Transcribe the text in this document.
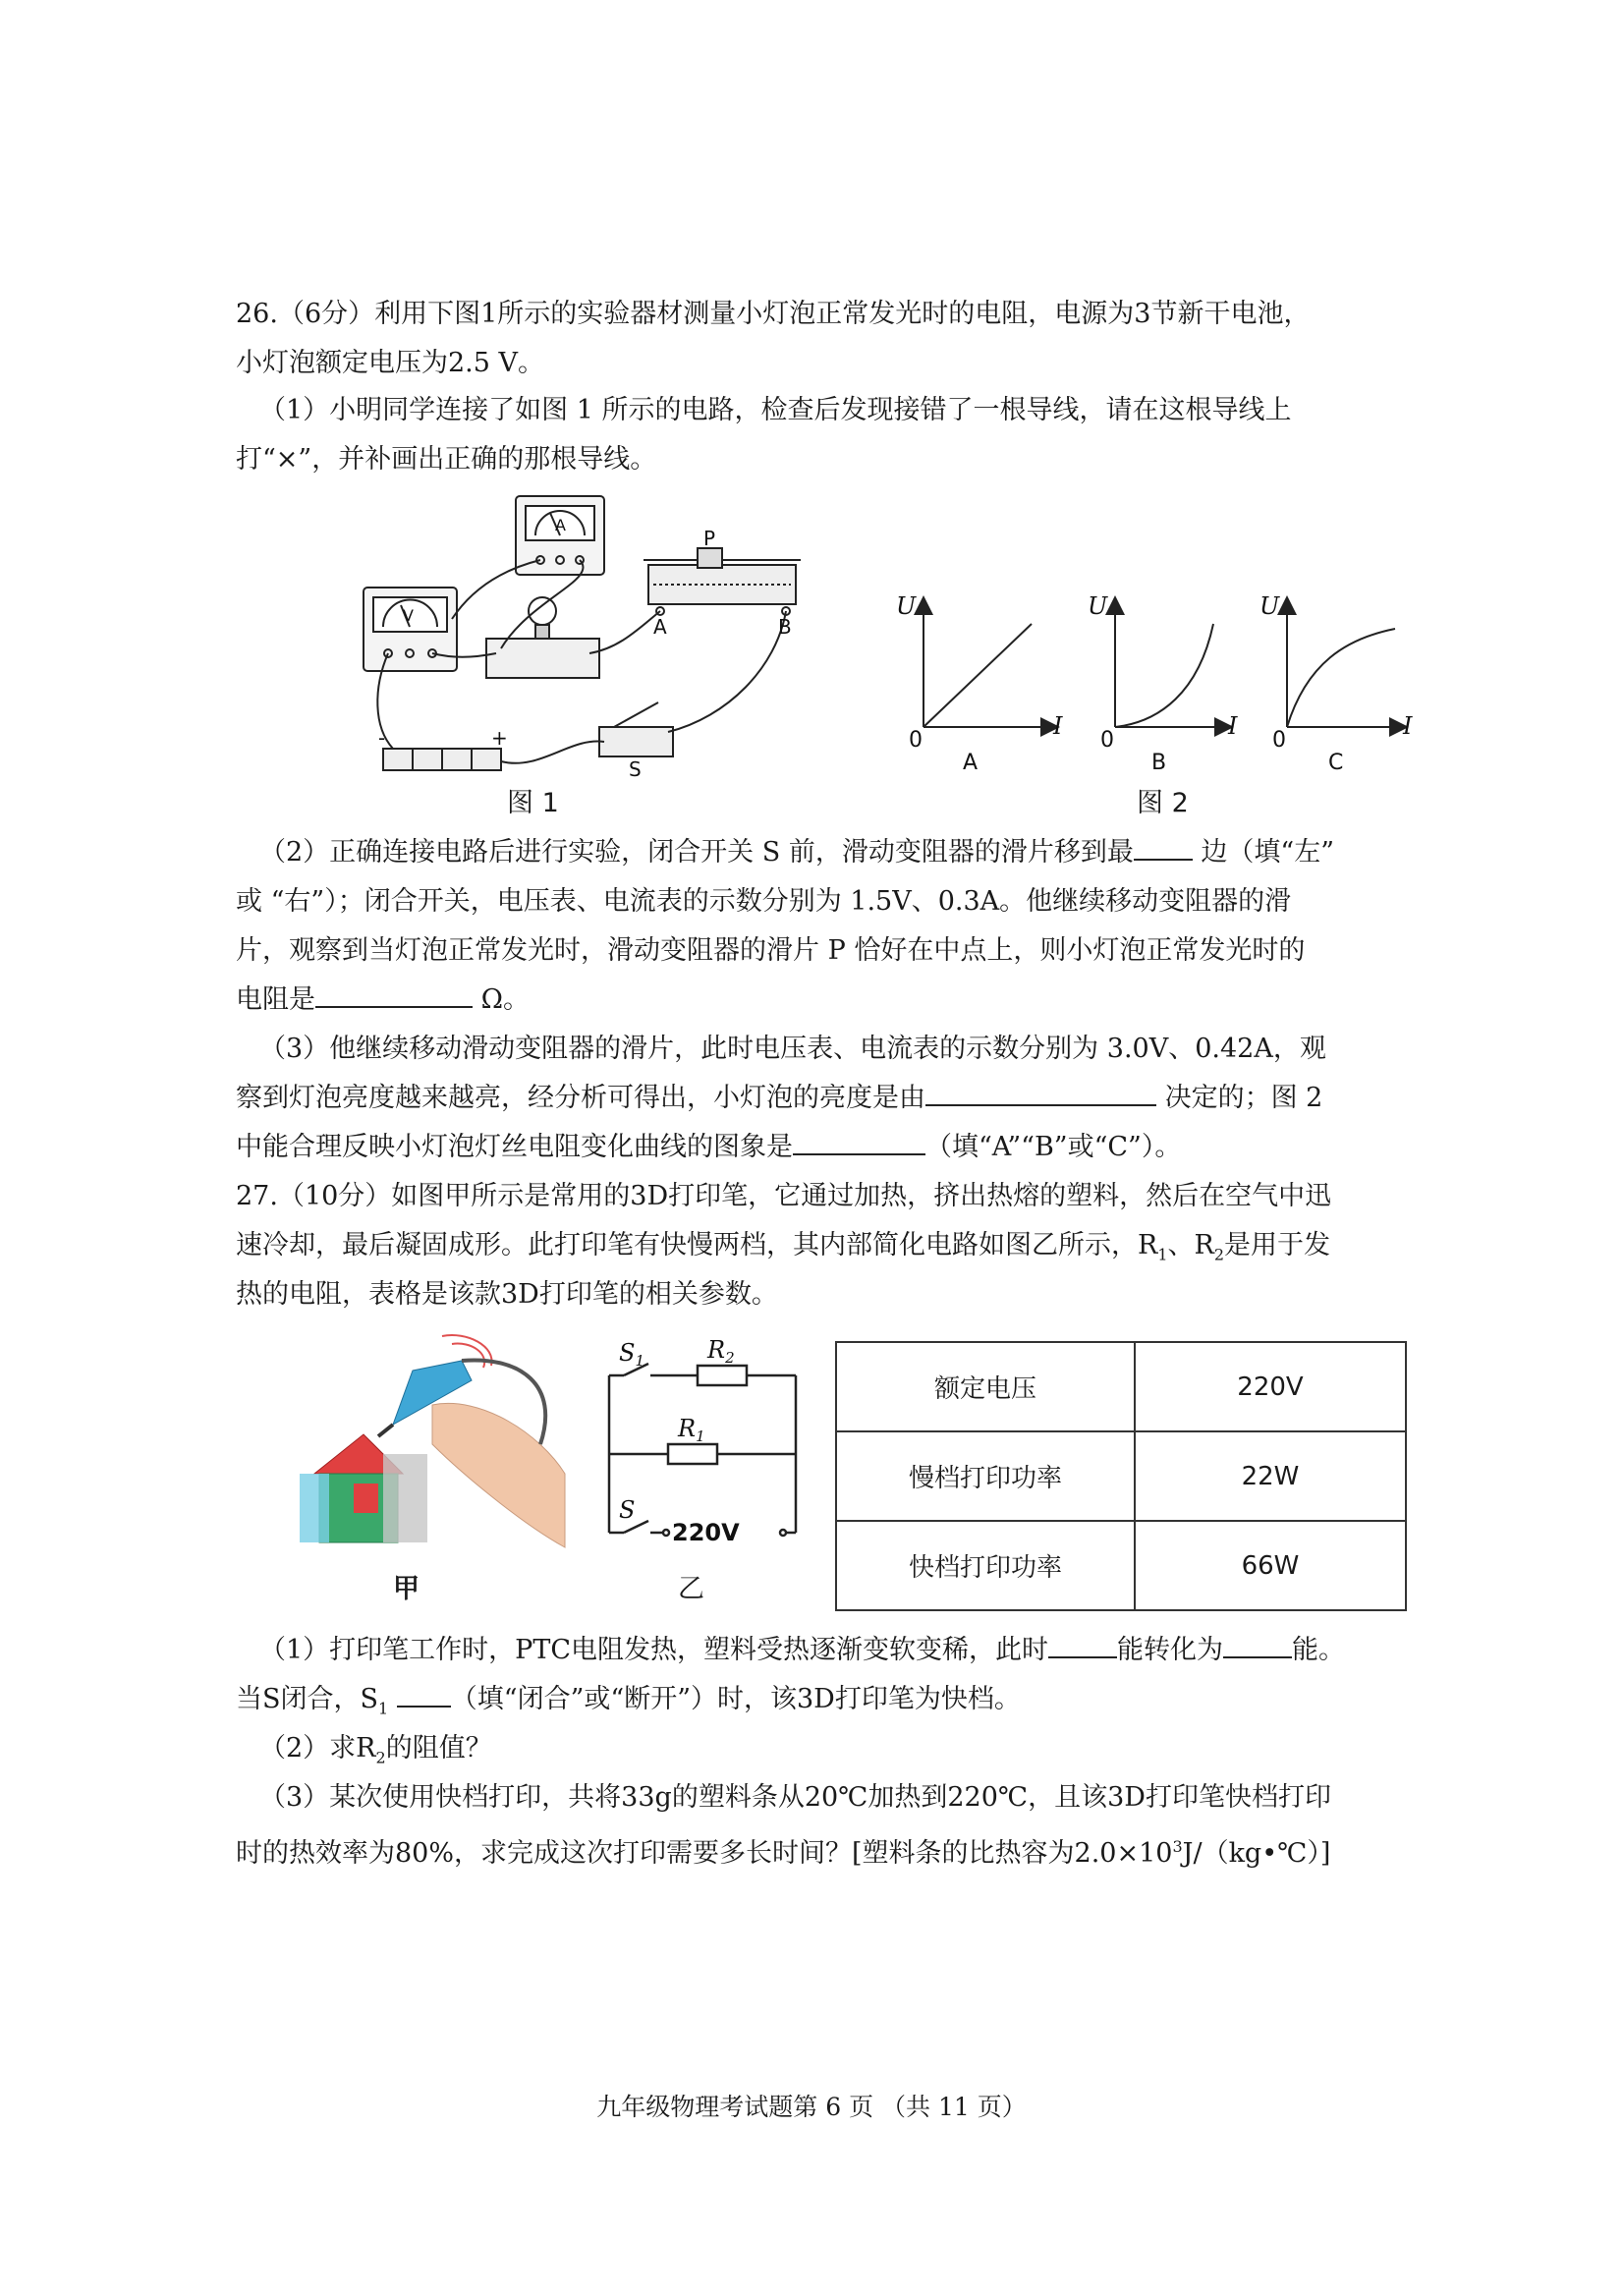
26.（6分）利用下图1所示的实验器材测量小灯泡正常发光时的电阻，电源为3节新干电池，
小灯泡额定电压为2.5 V。
（1）小明同学连接了如图 1 所示的电路，检查后发现接错了一根导线，请在这根导线上
打“×”，并补画出正确的那根导线。
P
A	B
S
V
A
-	+
图 1
U
I
U
I
U
I
0	0	0
A	B	C
图 2
（2）正确连接电路后进行实验，闭合开关 S 前，滑动变阻器的滑片移到最 边（填“左”
或 “右”）；闭合开关，电压表、电流表的示数分别为 1.5V、0.3A。他继续移动变阻器的滑
片，观察到当灯泡正常发光时，滑动变阻器的滑片 P 恰好在中点上，则小灯泡正常发光时的
电阻是	Ω。
（3）他继续移动滑动变阻器的滑片，此时电压表、电流表的示数分别为 3.0V、0.42A，观
察到灯泡亮度越来越亮，经分析可得出，小灯泡的亮度是由	决定的；图 2
中能合理反映小灯泡灯丝电阻变化曲线的图象是	（填“A”“B”或“C”）。
27.（10分）如图甲所示是常用的3D打印笔，它通过加热，挤出热熔的塑料，然后在空气中迅
速冷却，最后凝固成形。此打印笔有快慢两档，其内部简化电路如图乙所示，$R_1$、$R_2$是用于发
热的电阻，表格是该款3D打印笔的相关参数。
甲
$S_1$	$R_2$
$R_1$
S
220V
乙
额定电压	220V
慢档打印功率	22W
快档打印功率	66W
（1）打印笔工作时，PTC电阻发热，塑料受热逐渐变软变稀，此时	能转化为	能。
当S闭合，$S_1$ （填“闭合”或“断开”）时，该3D打印笔为快档。
（2）求$R_2$的阻值？
（3）某次使用快档打印，共将33g的塑料条从20℃加热到220℃，且该3D打印笔快档打印
时的热效率为80%，求完成这次打印需要多长时间？[塑料条的比热容为$2.0\times 10^3J/(kg•℃)$]
九年级物理考试题第 6 页 （共 11 页）
